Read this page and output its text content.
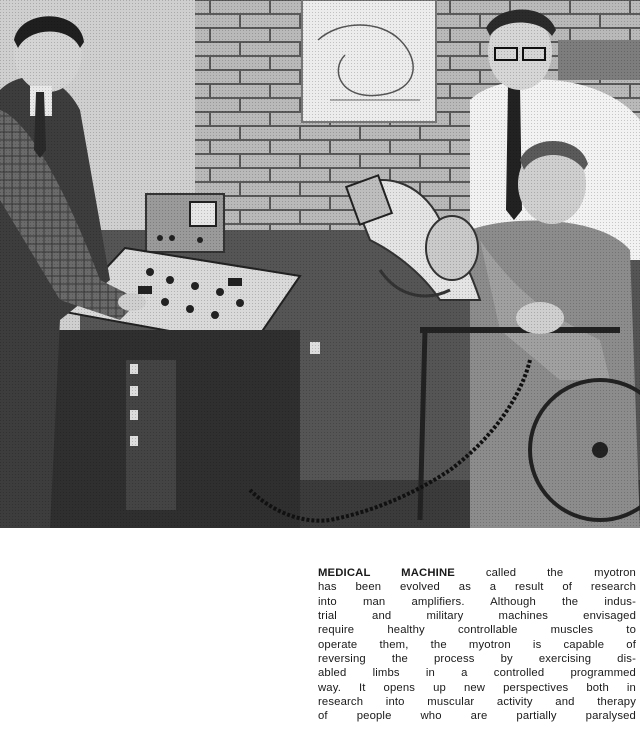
MEDICAL MACHINE called the myotron
has been evolved as a result of research
into man amplifiers. Although the indus-
trial and military machines envisaged
require healthy controllable muscles to
operate them, the myotron is capable of
reversing the process by exercising dis-
abled limbs in a controlled programmed
way. It opens up new perspectives both in
research into muscular activity and therapy
of people who are partially paralysed
